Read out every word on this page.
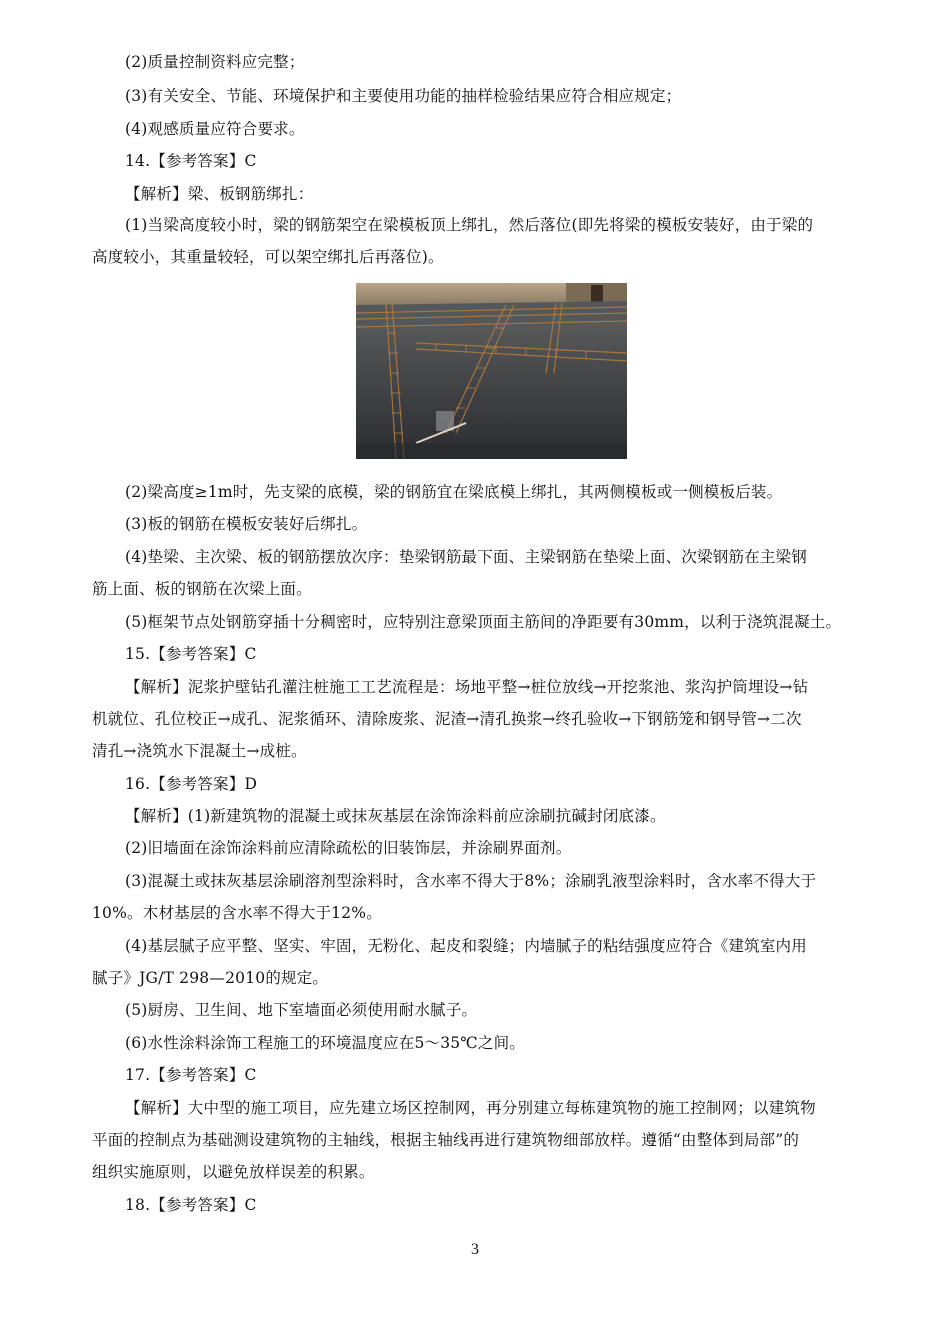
(2)质量控制资料应完整；
(3)有关安全、节能、环境保护和主要使用功能的抽样检验结果应符合相应规定；
(4)观感质量应符合要求。
14.【参考答案】C
【解析】梁、板钢筋绑扎：
(1)当梁高度较小时，梁的钢筋架空在梁模板顶上绑扎，然后落位(即先将梁的模板安装好，由于梁的
高度较小，其重量较轻，可以架空绑扎后再落位)。
(2)梁高度≥1m时，先支梁的底模，梁的钢筋宜在梁底模上绑扎，其两侧模板或一侧模板后装。
(3)板的钢筋在模板安装好后绑扎。
(4)垫梁、主次梁、板的钢筋摆放次序：垫梁钢筋最下面、主梁钢筋在垫梁上面、次梁钢筋在主梁钢
筋上面、板的钢筋在次梁上面。
(5)框架节点处钢筋穿插十分稠密时，应特别注意梁顶面主筋间的净距要有30mm，以利于浇筑混凝土。
15.【参考答案】C
【解析】泥浆护壁钻孔灌注桩施工工艺流程是：场地平整→桩位放线→开挖浆池、浆沟护筒埋设→钻
机就位、孔位校正→成孔、泥浆循环、清除废浆、泥渣→清孔换浆→终孔验收→下钢筋笼和钢导管→二次
清孔→浇筑水下混凝土→成桩。
16.【参考答案】D
【解析】(1)新建筑物的混凝土或抹灰基层在涂饰涂料前应涂刷抗碱封闭底漆。
(2)旧墙面在涂饰涂料前应清除疏松的旧装饰层，并涂刷界面剂。
(3)混凝土或抹灰基层涂刷溶剂型涂料时，含水率不得大于8%；涂刷乳液型涂料时，含水率不得大于
10%。木材基层的含水率不得大于12%。
(4)基层腻子应平整、坚实、牢固，无粉化、起皮和裂缝；内墙腻子的粘结强度应符合《建筑室内用
腻子》JG/T 298—2010的规定。
(5)厨房、卫生间、地下室墙面必须使用耐水腻子。
(6)水性涂料涂饰工程施工的环境温度应在5～35℃之间。
17.【参考答案】C
【解析】大中型的施工项目，应先建立场区控制网，再分别建立每栋建筑物的施工控制网；以建筑物
平面的控制点为基础测设建筑物的主轴线，根据主轴线再进行建筑物细部放样。遵循“由整体到局部”的
组织实施原则，以避免放样误差的积累。
18.【参考答案】C
3
